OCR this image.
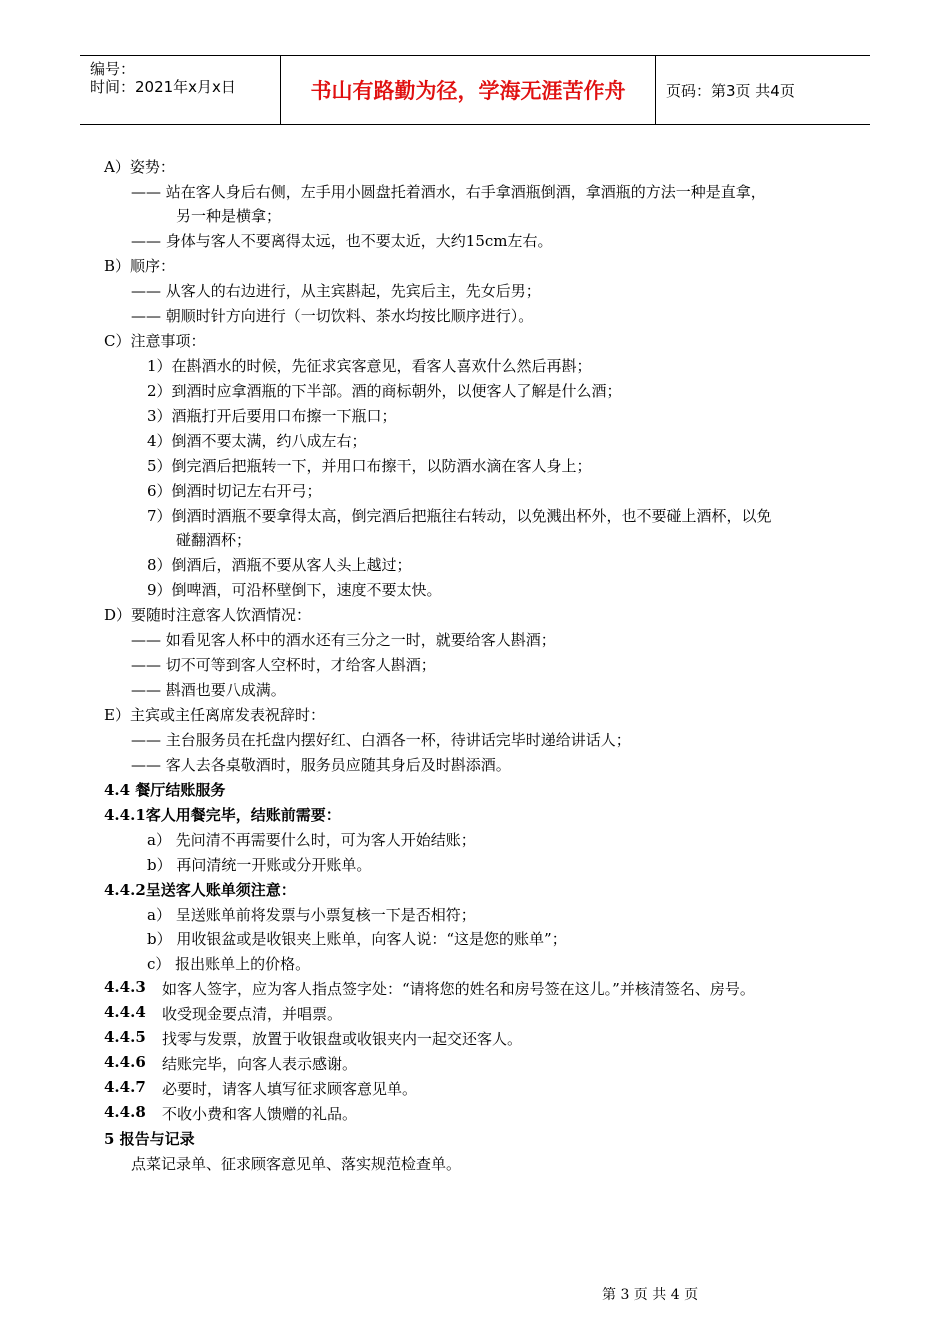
编号：
时间：2021年x月x日	书山有路勤为径，学海无涯苦作舟	页码：第3页 共4页
A）姿势：
—— 站在客人身后右侧，左手用小圆盘托着酒水，右手拿酒瓶倒酒，拿酒瓶的方法一种是直拿，
另一种是横拿；
—— 身体与客人不要离得太远，也不要太近，大约15cm左右。
B）顺序：
—— 从客人的右边进行，从主宾斟起，先宾后主，先女后男；
—— 朝顺时针方向进行（一切饮料、茶水均按比顺序进行）。
C）注意事项：
1）在斟酒水的时候，先征求宾客意见，看客人喜欢什么然后再斟；
2）到酒时应拿酒瓶的下半部。酒的商标朝外，以便客人了解是什么酒；
3）酒瓶打开后要用口布擦一下瓶口；
4）倒酒不要太满，约八成左右；
5）倒完酒后把瓶转一下，并用口布擦干，以防酒水滴在客人身上；
6）倒酒时切记左右开弓；
7）倒酒时酒瓶不要拿得太高，倒完酒后把瓶往右转动，以免溅出杯外，也不要碰上酒杯，以免
碰翻酒杯；
8）倒酒后，酒瓶不要从客人头上越过；
9）倒啤酒，可沿杯壁倒下，速度不要太快。
D）要随时注意客人饮酒情况：
—— 如看见客人杯中的酒水还有三分之一时，就要给客人斟酒；
—— 切不可等到客人空杯时，才给客人斟酒；
—— 斟酒也要八成满。
E）主宾或主任离席发表祝辞时：
—— 主台服务员在托盘内摆好红、白酒各一杯，待讲话完毕时递给讲话人；
—— 客人去各桌敬酒时，服务员应随其身后及时斟添酒。
4.4 餐厅结账服务
4.4.1客人用餐完毕，结账前需要：
a） 先问清不再需要什么时，可为客人开始结账；
b） 再问清统一开账或分开账单。
4.4.2呈送客人账单须注意：
a） 呈送账单前将发票与小票复核一下是否相符；
b） 用收银盆或是收银夹上账单，向客人说：“这是您的账单”；
c） 报出账单上的价格。
4.4.3 如客人签字，应为客人指点签字处：“请将您的姓名和房号签在这儿。”并核清签名、房号。
4.4.4 收受现金要点清，并唱票。
4.4.5 找零与发票，放置于收银盘或收银夹内一起交还客人。
4.4.6 结账完毕，向客人表示感谢。
4.4.7 必要时，请客人填写征求顾客意见单。
4.4.8 不收小费和客人馈赠的礼品。
5 报告与记录
点菜记录单、征求顾客意见单、落实规范检查单。
第 3 页 共 4 页
